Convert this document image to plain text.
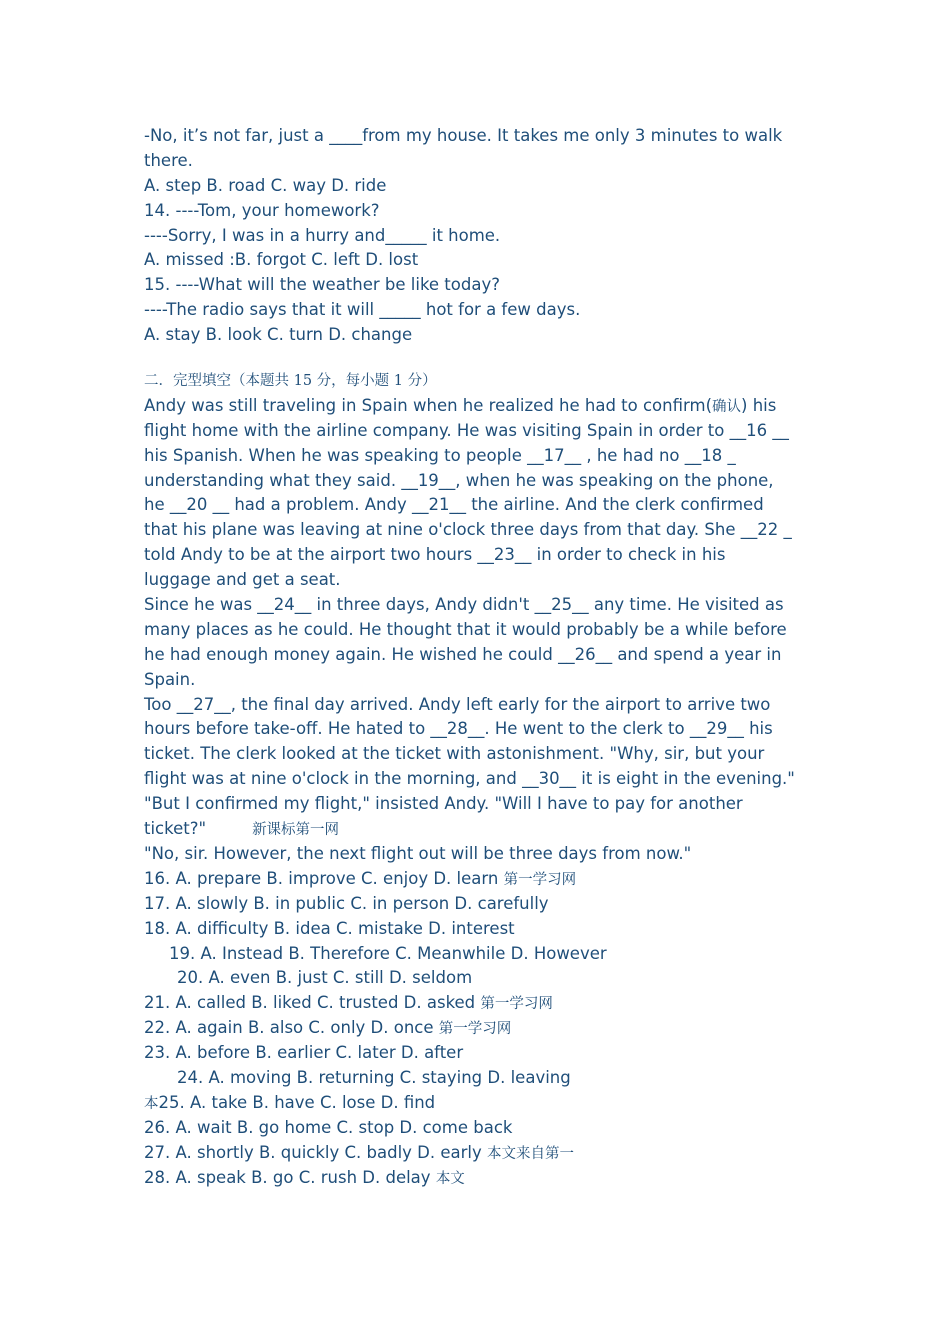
-No, it’s not far, just a ____from my house. It takes me only 3 minutes to walk
there.
A. step B. road C. way D. ride
14. ----Tom, your homework?
----Sorry, I was in a hurry and_____ it home.
A. missed :B. forgot C. left D. lost
15. ----What will the weather be like today?
----The radio says that it will _____ hot for a few days.
A. stay B. look C. turn D. change
二．完型填空（本题共 15 分，每小题 1 分）
Andy was still traveling in Spain when he realized he had to confirm(确认) his
flight home with the airline company. He was visiting Spain in order to __16 __
his Spanish. When he was speaking to people __17__ , he had no __18 _
understanding what they said. __19__, when he was speaking on the phone,
he __20 __ had a problem. Andy __21__ the airline. And the clerk confirmed
that his plane was leaving at nine o'clock three days from that day. She __22 _
told Andy to be at the airport two hours __23__ in order to check in his
luggage and get a seat.
Since he was __24__ in three days, Andy didn't __25__ any time. He visited as
many places as he could. He thought that it would probably be a while before
he had enough money again. He wished he could __26__ and spend a year in
Spain.
Too __27__, the final day arrived. Andy left early for the airport to arrive two
hours before take-off. He hated to __28__. He went to the clerk to __29__ his
ticket. The clerk looked at the ticket with astonishment. "Why, sir, but your
flight was at nine o'clock in the morning, and __30__ it is eight in the evening."
"But I confirmed my flight," insisted Andy. "Will I have to pay for another
ticket?"	新课标第一网
"No, sir. However, the next flight out will be three days from now."
16. A. prepare B. improve C. enjoy D. learn 第一学习网
17. A. slowly B. in public C. in person D. carefully
18. A. difficulty B. idea C. mistake D. interest
19. A. Instead B. Therefore C. Meanwhile D. However
20. A. even B. just C. still D. seldom
21. A. called B. liked C. trusted D. asked 第一学习网
22. A. again B. also C. only D. once 第一学习网
23. A. before B. earlier C. later D. after
24. A. moving B. returning C. staying D. leaving
本25. A. take B. have C. lose D. find
26. A. wait B. go home C. stop D. come back
27. A. shortly B. quickly C. badly D. early 本文来自第一
28. A. speak B. go C. rush D. delay 本文
